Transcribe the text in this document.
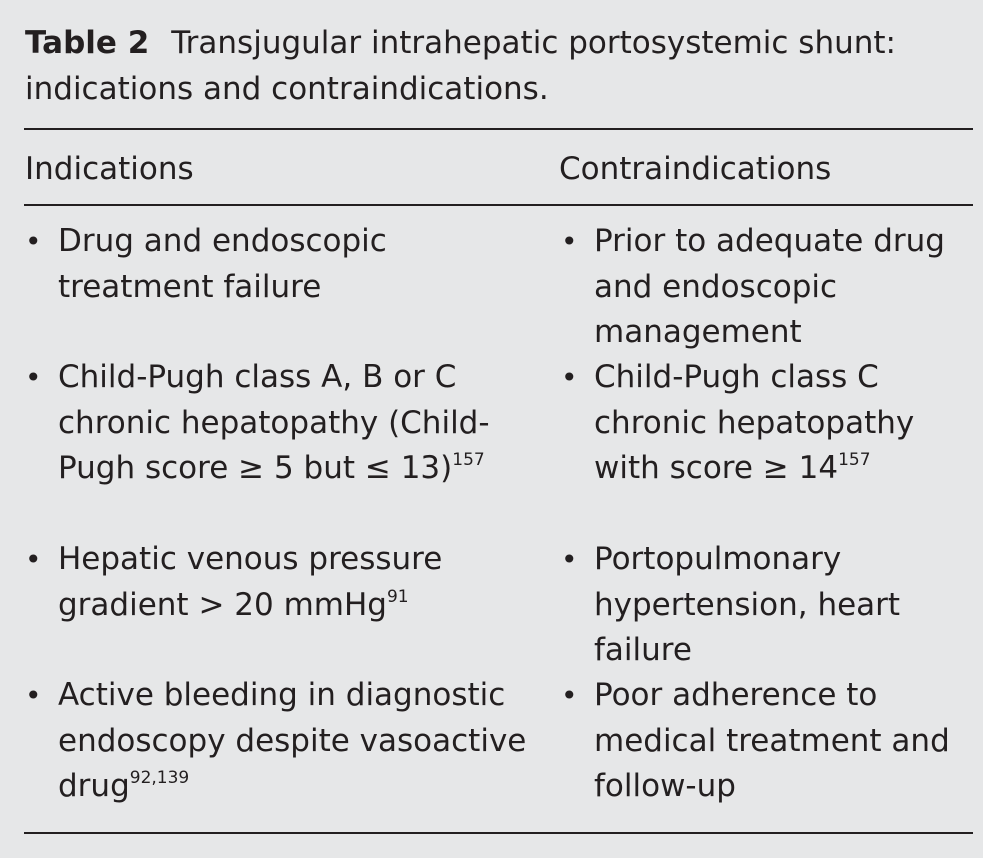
Table 2 Transjugular intrahepatic portosystemic shunt: indications and contraindications.
Indications	Contraindications
• Drug and endoscopic treatment failure
• Prior to adequate drug and endoscopic management
• Child-Pugh class A, B or C chronic hepatopathy (Child-Pugh score ≥ 5 but ≤ 13)$^{157}$
• Child-Pugh class C chronic hepatopathy with score ≥ $14^{157}$
• Hepatic venous pressure gradient > 20 mmHg$^{91}$
• Portopulmonary hypertension, heart failure
• Active bleeding in diagnostic endoscopy despite vasoactive drug$^{92,139}$
• Poor adherence to medical treatment and follow-up
